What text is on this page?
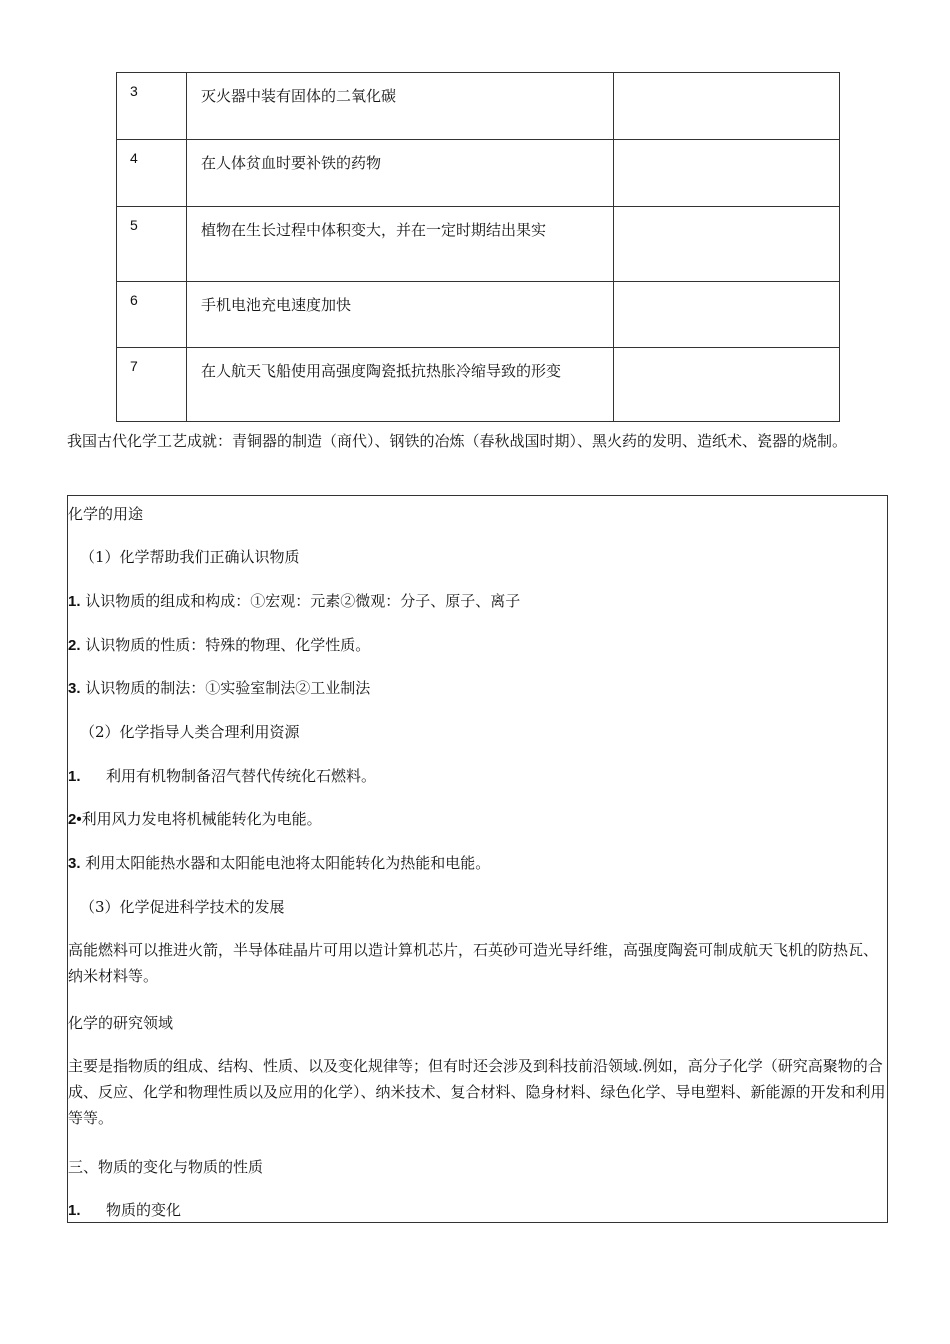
3	灭火器中装有固体的二氧化碳	
4	在人体贫血时要补铁的药物	
5	植物在生长过程中体积变大，并在一定时期结出果实	
6	手机电池充电速度加快	
7	在人航天飞船使用高强度陶瓷抵抗热胀冷缩导致的形变	
我国古代化学工艺成就：青铜器的制造（商代）、钢铁的冶炼（春秋战国时期）、黑火药的发明、造纸术、瓷器的烧制。
化学的用途
（1）化学帮助我们正确认识物质
1. 认识物质的组成和构成：①宏观：元素②微观：分子、原子、离子
2. 认识物质的性质：特殊的物理、化学性质。
3. 认识物质的制法：①实验室制法②工业制法
（2）化学指导人类合理利用资源
1. 利用有机物制备沼气替代传统化石燃料。
2•利用风力发电将机械能转化为电能。
3. 利用太阳能热水器和太阳能电池将太阳能转化为热能和电能。
（3）化学促进科学技术的发展
高能燃料可以推进火箭，半导体硅晶片可用以造计算机芯片，石英砂可造光导纤维，高强度陶瓷可制成航天飞机的防热瓦、纳米材料等。
化学的研究领域
主要是指物质的组成、结构、性质、以及变化规律等；但有时还会涉及到科技前沿领域.例如，高分子化学（研究高聚物的合成、反应、化学和物理性质以及应用的化学）、纳米技术、复合材料、隐身材料、绿色化学、导电塑料、新能源的开发和利用等等。
三、物质的变化与物质的性质
1. 物质的变化
